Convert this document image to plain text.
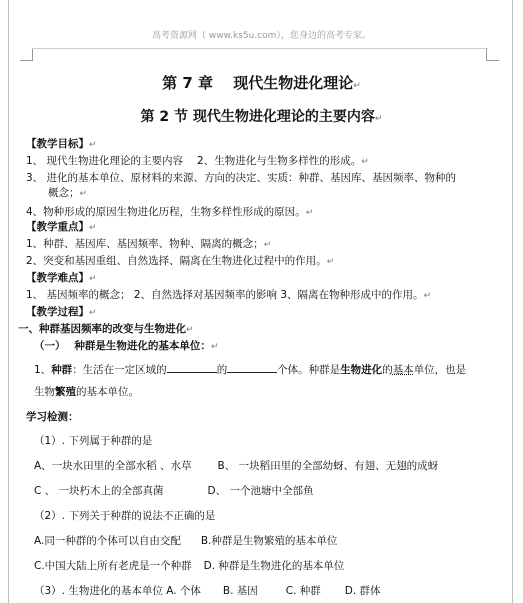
高考资源网（ www.ks5u.com），您身边的高考专家。
第 7 章　 现代生物进化理论↵
第 2 节 现代生物进化理论的主要内容↵
【教学目标】↵
1、 现代生物进化理论的主要内容 2、生物进化与生物多样性的形成。↵
3、 进化的基本单位、原材料的来源、方向的决定、实质：种群、基因库、基因频率、物种的
概念；↵
4、物种形成的原因生物进化历程，生物多样性形成的原因。↵
【教学重点】↵
1、种群、基因库、基因频率、物种、隔离的概念；↵
2、突变和基因重组、自然选择、隔离在生物进化过程中的作用。↵
【教学难点】↵
1、 基因频率的概念； 2、自然选择对基因频率的影响 3、隔离在物种形成中的作用。↵
【教学过程】↵
一、种群基因频率的改变与生物进化↵
（一）　 种群是生物进化的基本单位：↵
1、种群：生活在一定区域的	的	个体。种群是生物进化的基本单位，也是
生物繁殖的基本单位。
学习检测：
（1）. 下列属于种群的是
A、一块水田里的全部水稻 、水草 B、 一块稻田里的全部幼蚜、有翅、无翅的成蚜
C 、 一块朽木上的全部真菌	D、 一个池塘中全部鱼
（2）. 下列关于种群的说法不正确的是
A.同一种群的个体可以自由交配 B.种群是生物繁殖的基本单位
C.中国大陆上所有老虎是一个种群 D. 种群是生物进化的基本单位
（3）. 生物进化的基本单位 A. 个体 B. 基因	C. 种群 D. 群体
